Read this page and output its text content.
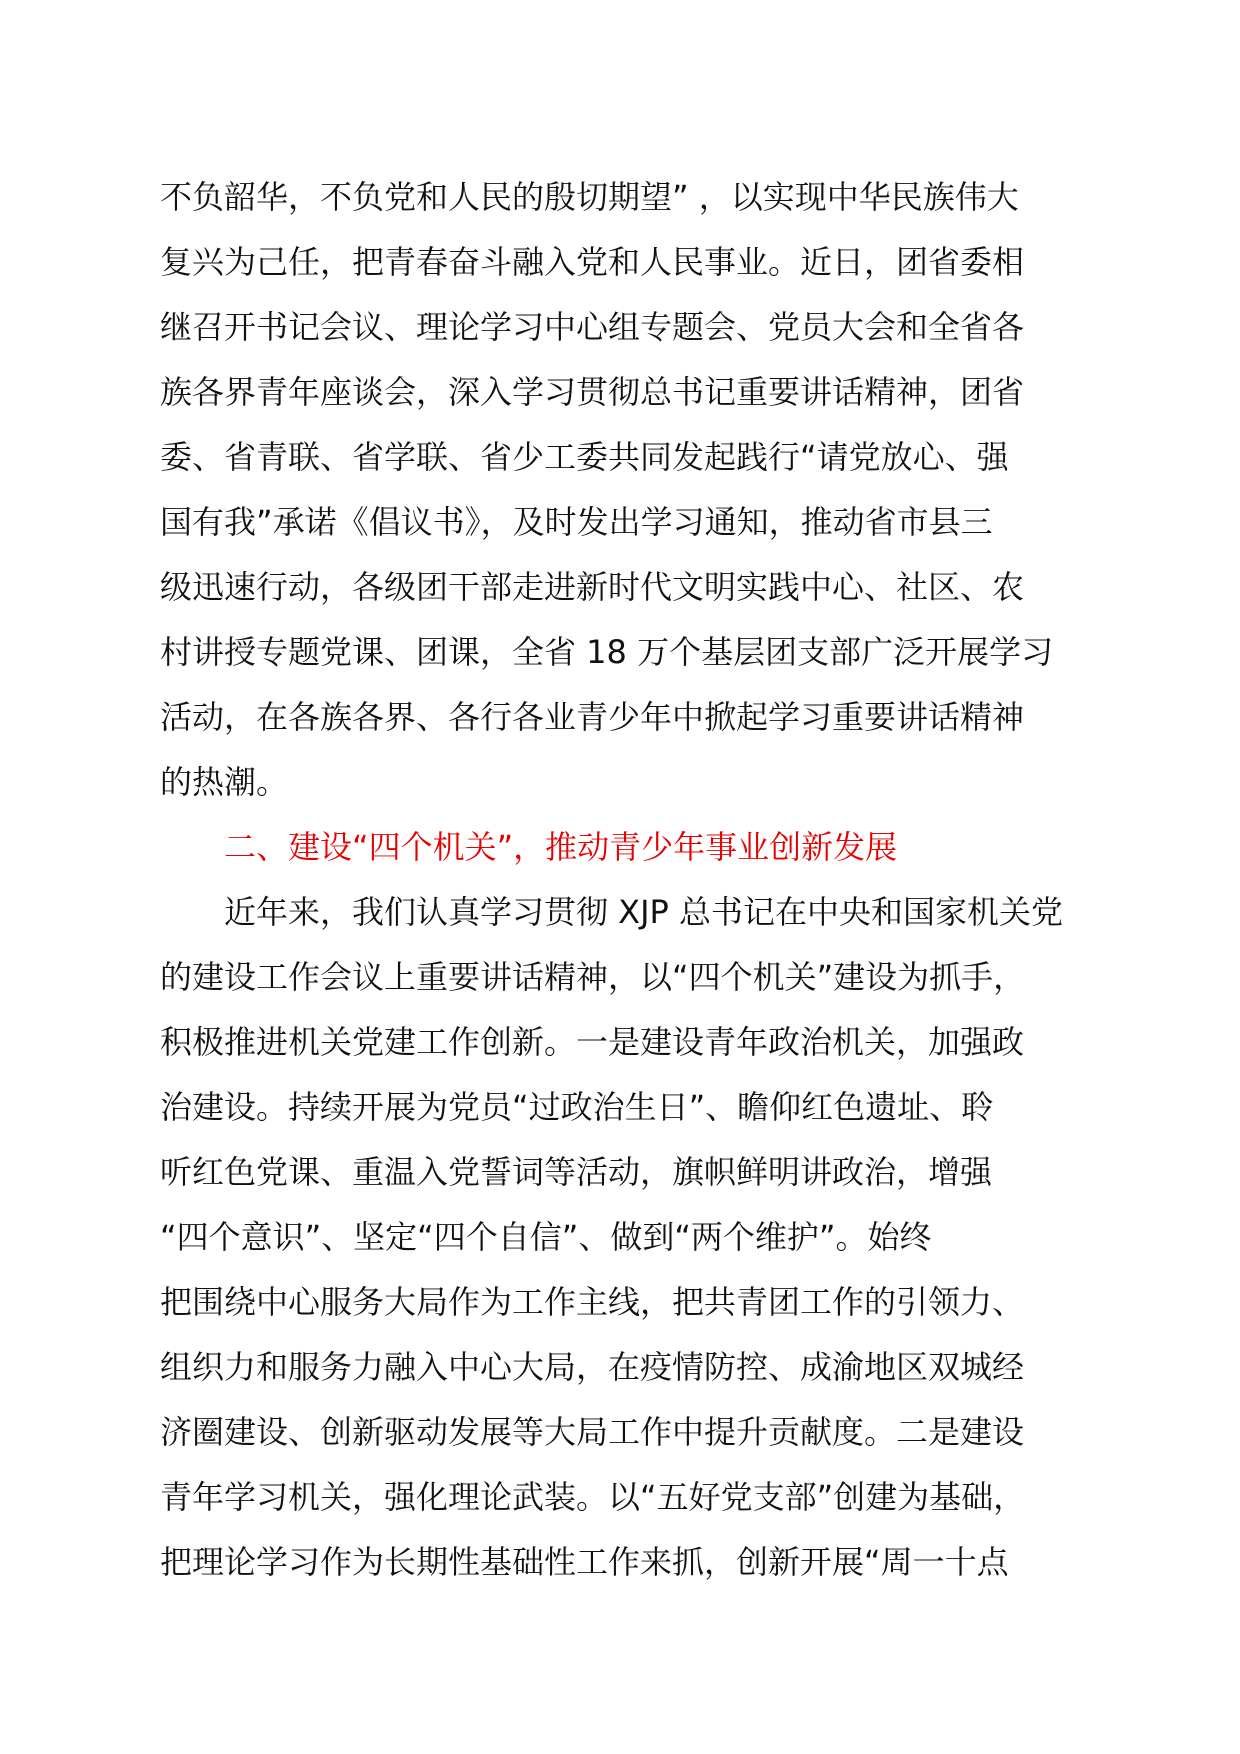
不负韶华，不负党和人民的殷切期望” ，以实现中华民族伟大
复兴为己任，把青春奋斗融入党和人民事业。近日，团省委相
继召开书记会议、理论学习中心组专题会、党员大会和全省各
族各界青年座谈会，深入学习贯彻总书记重要讲话精神，团省
委、省青联、省学联、省少工委共同发起践行“请党放心、强
国有我”承诺《倡议书》，及时发出学习通知，推动省市县三
级迅速行动，各级团干部走进新时代文明实践中心、社区、农
村讲授专题党课、团课，全省 18 万个基层团支部广泛开展学习
活动，在各族各界、各行各业青少年中掀起学习重要讲话精神
的热潮。
二、建设“四个机关”，推动青少年事业创新发展
近年来，我们认真学习贯彻 XJP 总书记在中央和国家机关党
的建设工作会议上重要讲话精神，以“四个机关”建设为抓手，
积极推进机关党建工作创新。一是建设青年政治机关，加强政
治建设。持续开展为党员“过政治生日”、瞻仰红色遗址、聆
听红色党课、重温入党誓词等活动，旗帜鲜明讲政治，增强
“四个意识”、坚定“四个自信”、做到“两个维护”。始终
把围绕中心服务大局作为工作主线，把共青团工作的引领力、
组织力和服务力融入中心大局，在疫情防控、成渝地区双城经
济圈建设、创新驱动发展等大局工作中提升贡献度。二是建设
青年学习机关，强化理论武装。以“五好党支部”创建为基础，
把理论学习作为长期性基础性工作来抓，创新开展“周一十点
